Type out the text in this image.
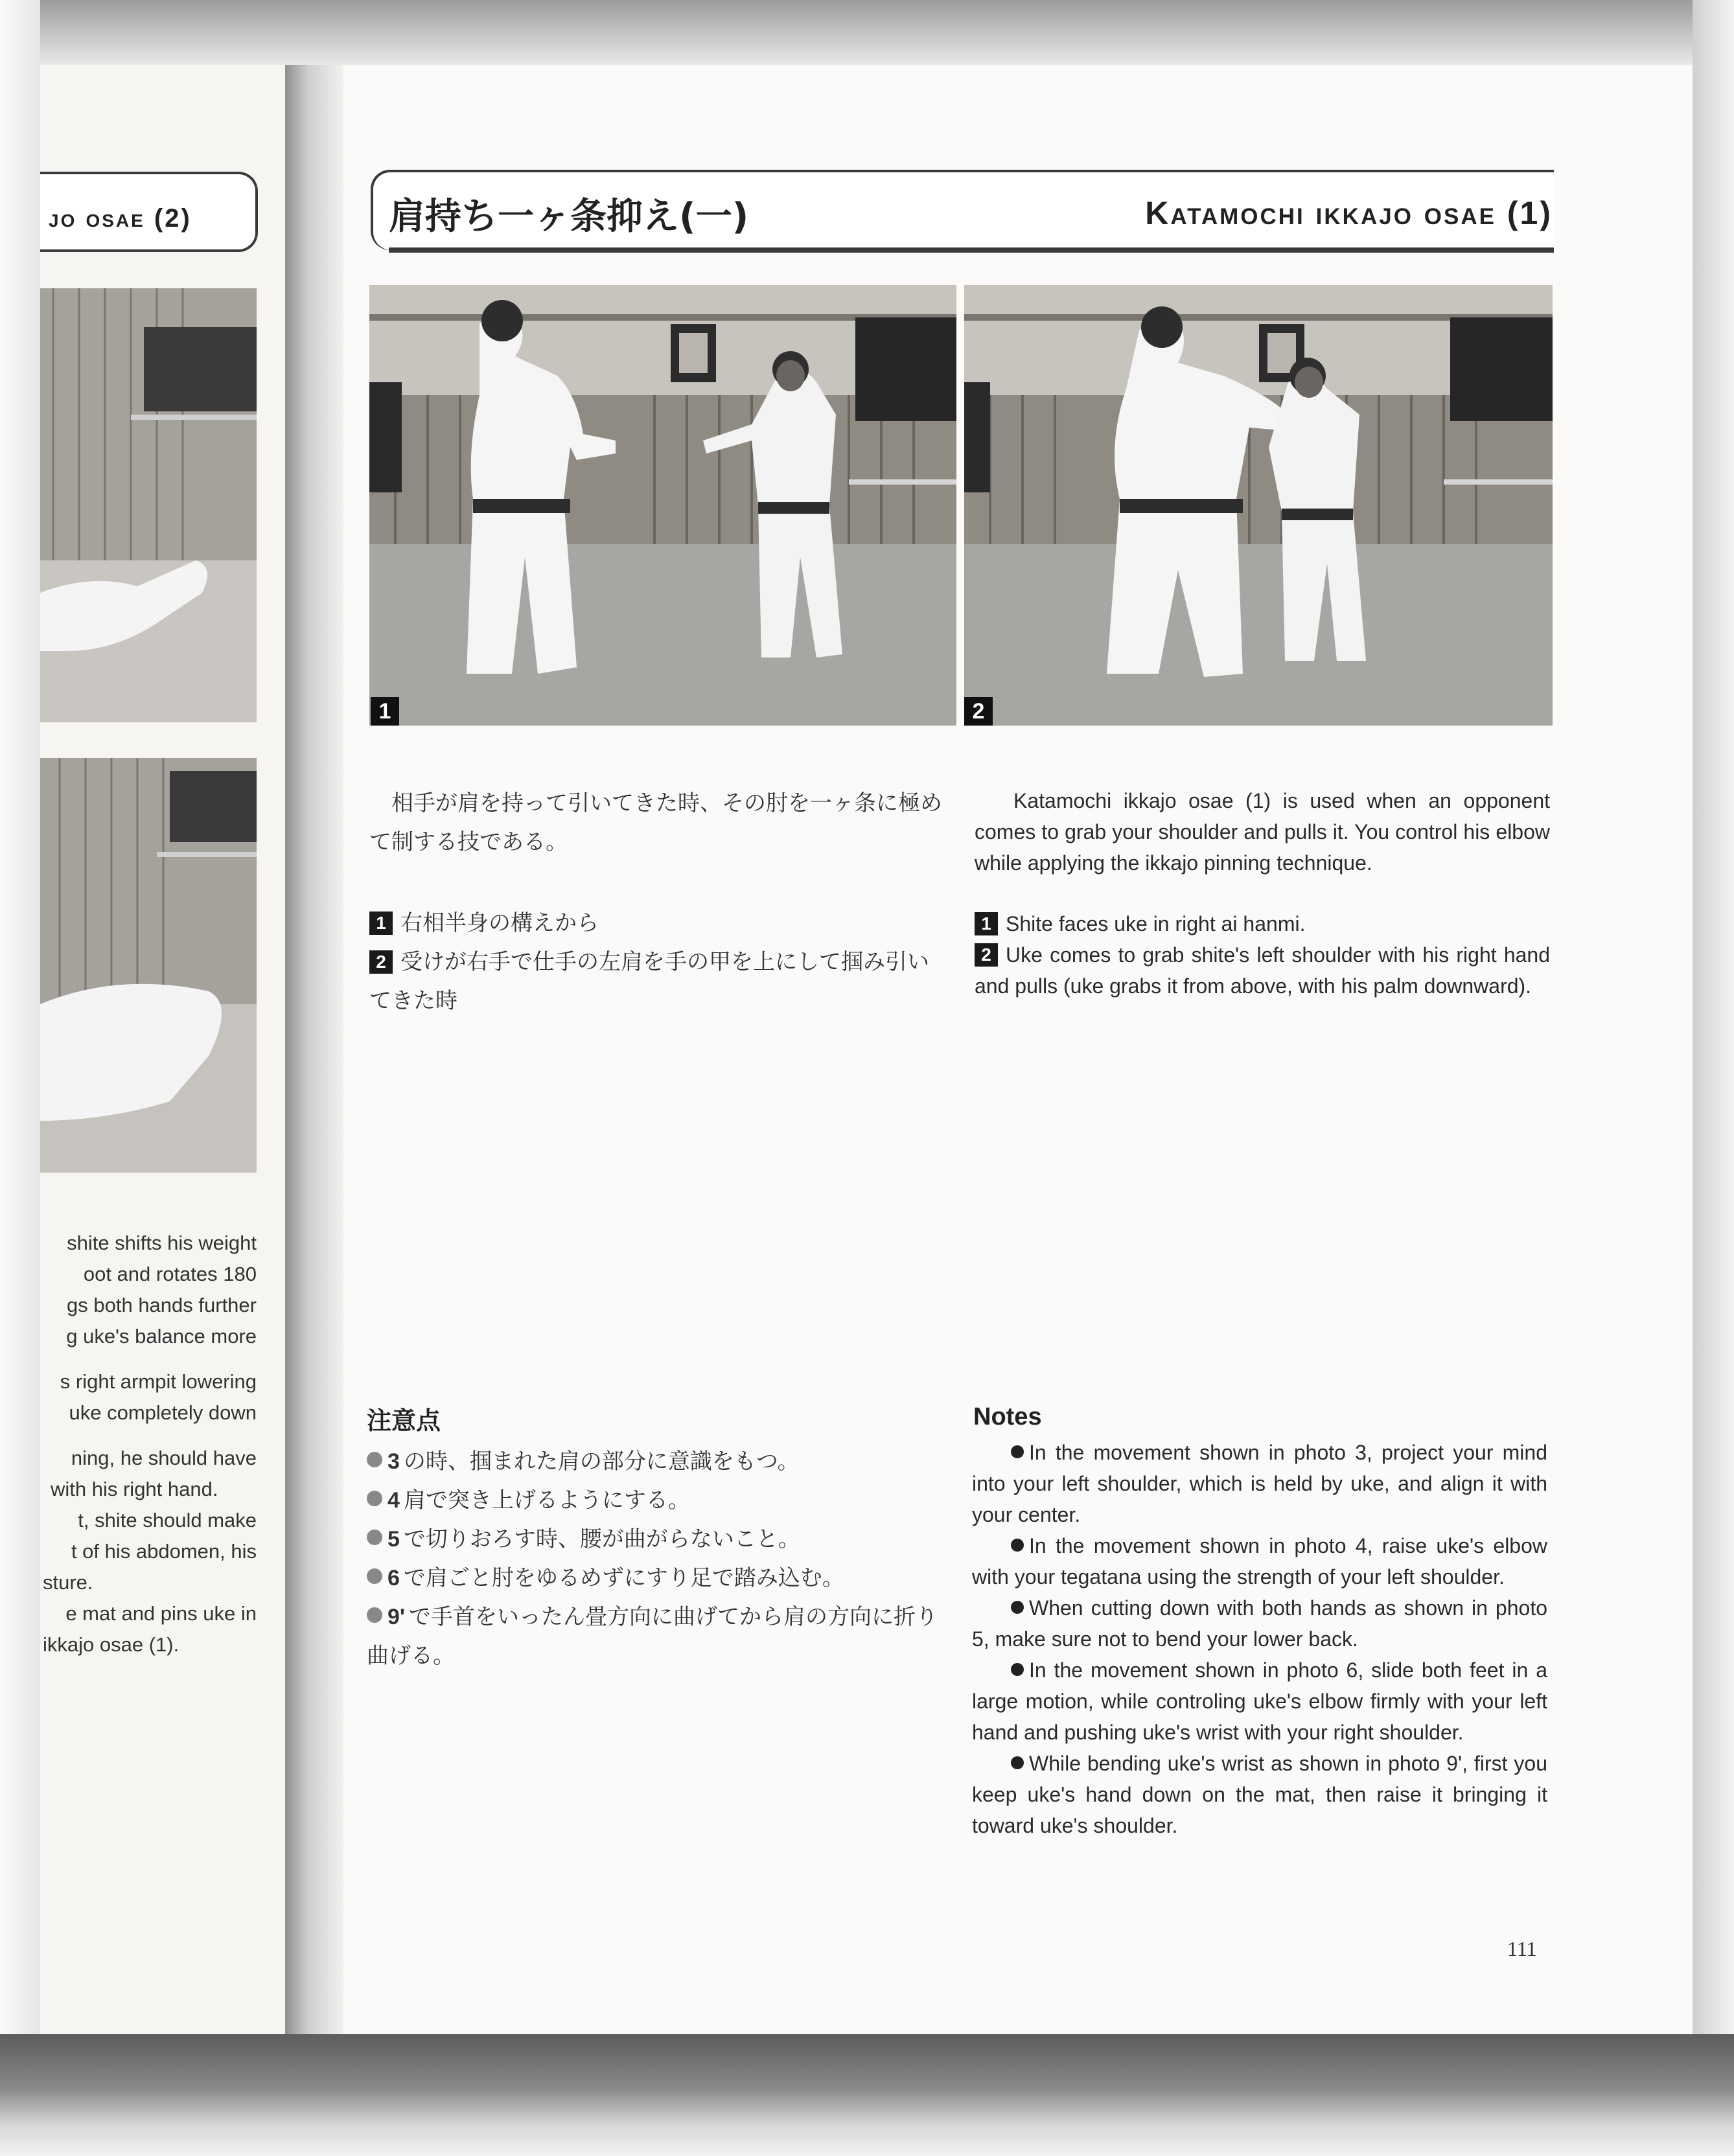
jo osae (2)
shite shifts his weight
oot and rotates 180
gs both hands further
g uke's balance more
s right armpit lowering
uke completely down
ning, he should have
with his right hand.
t, shite should make
t of his abdomen, his
sture.
e mat and pins uke in
ikkajo osae (1).
肩持ち一ヶ条抑え(一)	Katamochi ikkajo osae (1)
1	2
相手が肩を持って引いてきた時、その肘を一ヶ条に極めて制する技である。
1 右相半身の構えから
2 受けが右手で仕手の左肩を手の甲を上にして掴み引いてきた時
注意点
3 の時、掴まれた肩の部分に意識をもつ。
4 肩で突き上げるようにする。
5 で切りおろす時、腰が曲がらないこと。
6 で肩ごと肘をゆるめずにすり足で踏み込む。
9' で手首をいったん畳方向に曲げてから肩の方向に折り曲げる。
Katamochi ikkajo osae (1) is used when an opponent comes to grab your shoulder and pulls it. You control his elbow while applying the ikkajo pinning technique.
1 Shite faces uke in right ai hanmi.
2 Uke comes to grab shite's left shoulder with his right hand and pulls (uke grabs it from above, with his palm downward).
Notes
In the movement shown in photo 3, project your mind into your left shoulder, which is held by uke, and align it with your center.
In the movement shown in photo 4, raise uke's elbow with your tegatana using the strength of your left shoulder.
When cutting down with both hands as shown in photo 5, make sure not to bend your lower back.
In the movement shown in photo 6, slide both feet in a large motion, while controling uke's elbow firmly with your left hand and pushing uke's wrist with your right shoulder.
While bending uke's wrist as shown in photo 9', first you keep uke's hand down on the mat, then raise it bringing it toward uke's shoulder.
111
